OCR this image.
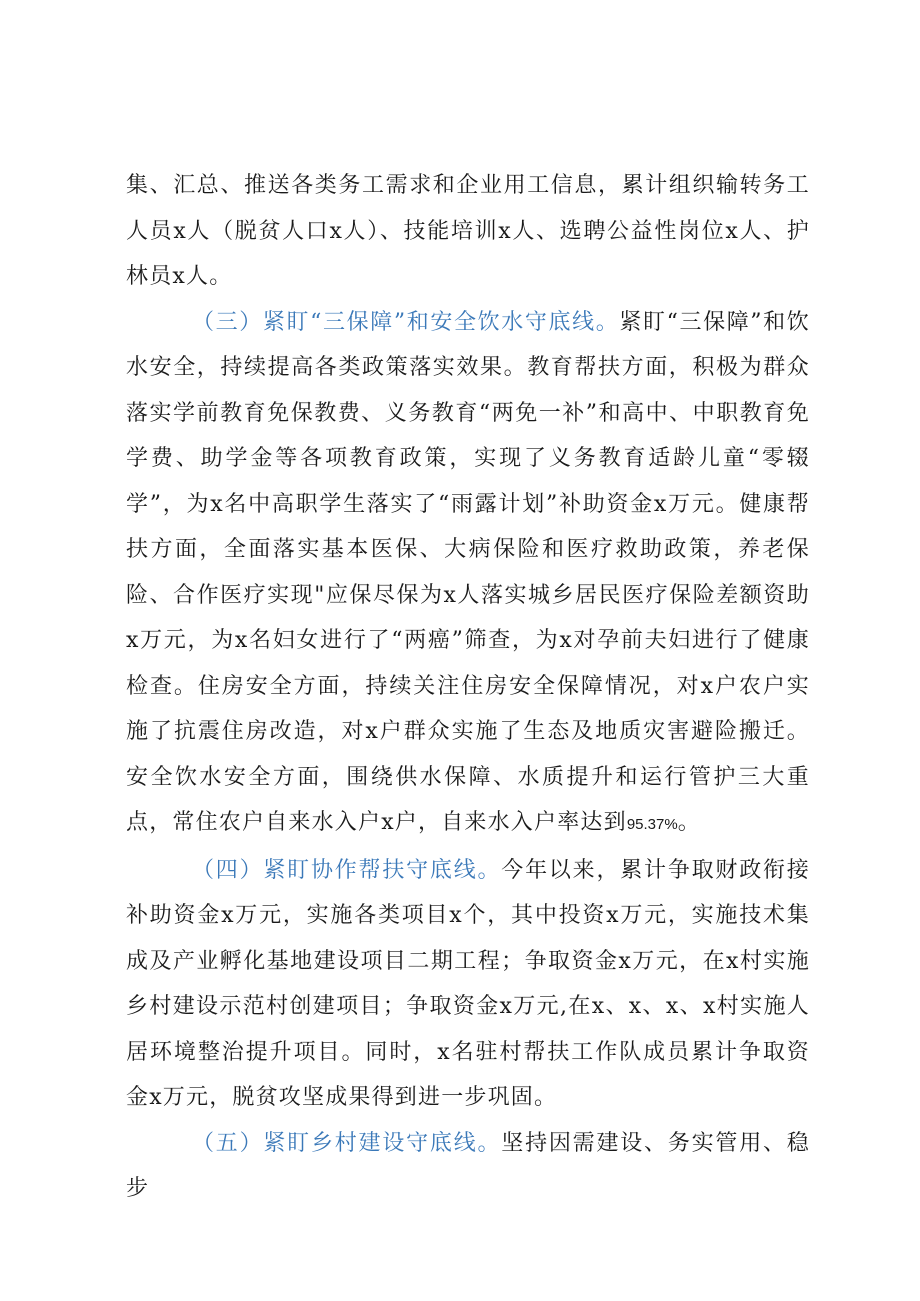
集、汇总、推送各类务工需求和企业用工信息，累计组织输转务工人员x人（脱贫人口x人）、技能培训x人、选聘公益性岗位x人、护林员x人。

（三）紧盯“三保障”和安全饮水守底线。紧盯“三保障”和饮水安全，持续提高各类政策落实效果。教育帮扶方面，积极为群众落实学前教育免保教费、义务教育“两免一补”和高中、中职教育免学费、助学金等各项教育政策，实现了义务教育适龄儿童“零辍学”，为x名中高职学生落实了“雨露计划”补助资金x万元。健康帮扶方面，全面落实基本医保、大病保险和医疗救助政策，养老保险、合作医疗实现"应保尽保为x人落实城乡居民医疗保险差额资助x万元，为x名妇女进行了“两癌”筛查，为x对孕前夫妇进行了健康检查。住房安全方面，持续关注住房安全保障情况，对x户农户实施了抗震住房改造，对x户群众实施了生态及地质灾害避险搬迁。安全饮水安全方面，围绕供水保障、水质提升和运行管护三大重点，常住农户自来水入户x户，自来水入户率达到95.37%。

（四）紧盯协作帮扶守底线。今年以来，累计争取财政衔接补助资金x万元，实施各类项目x个，其中投资x万元，实施技术集成及产业孵化基地建设项目二期工程；争取资金x万元，在x村实施乡村建设示范村创建项目；争取资金x万元,在x、x、x、x村实施人居环境整治提升项目。同时，x名驻村帮扶工作队成员累计争取资金x万元，脱贫攻坚成果得到进一步巩固。

（五）紧盯乡村建设守底线。坚持因需建设、务实管用、稳步
